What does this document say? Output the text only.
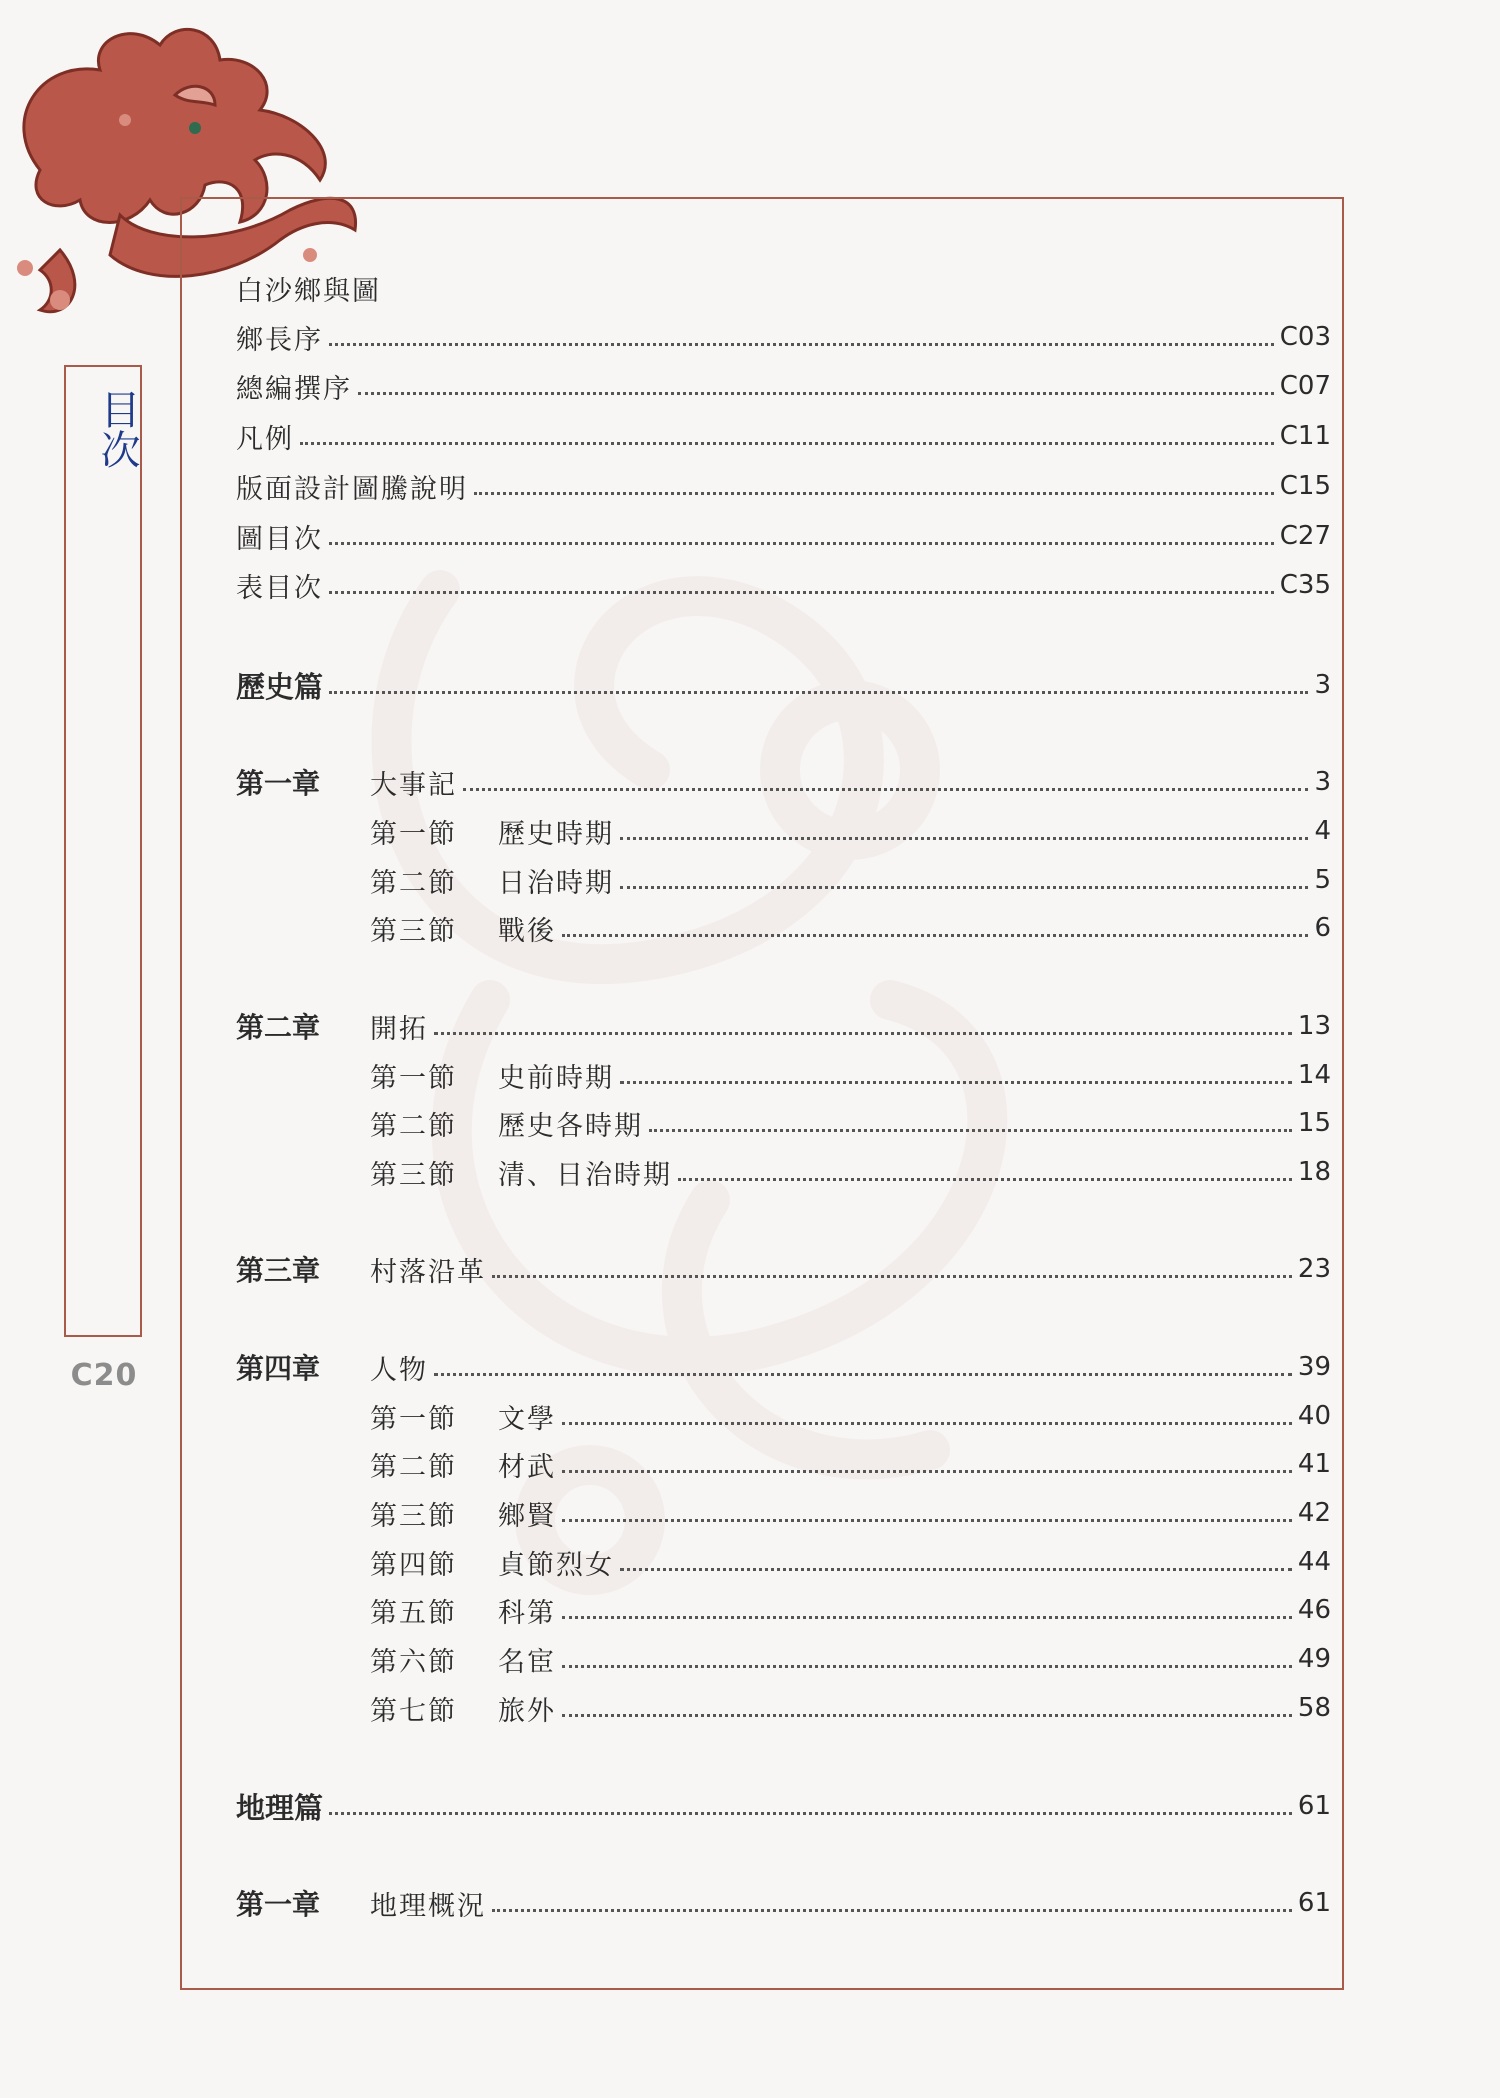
目次
C20
白沙鄉與圖
鄉長序	C03
總編撰序	C07
凡例	C11
版面設計圖騰說明	C15
圖目次	C27
表目次	C35
歷史篇	3
第一章	大事記	3
第一節	歷史時期	4
第二節	日治時期	5
第三節	戰後	6
第二章	開拓	13
第一節	史前時期	14
第二節	歷史各時期	15
第三節	清、日治時期	18
第三章	村落沿革	23
第四章	人物	39
第一節	文學	40
第二節	材武	41
第三節	鄉賢	42
第四節	貞節烈女	44
第五節	科第	46
第六節	名宦	49
第七節	旅外	58
地理篇	61
第一章	地理概況	61
